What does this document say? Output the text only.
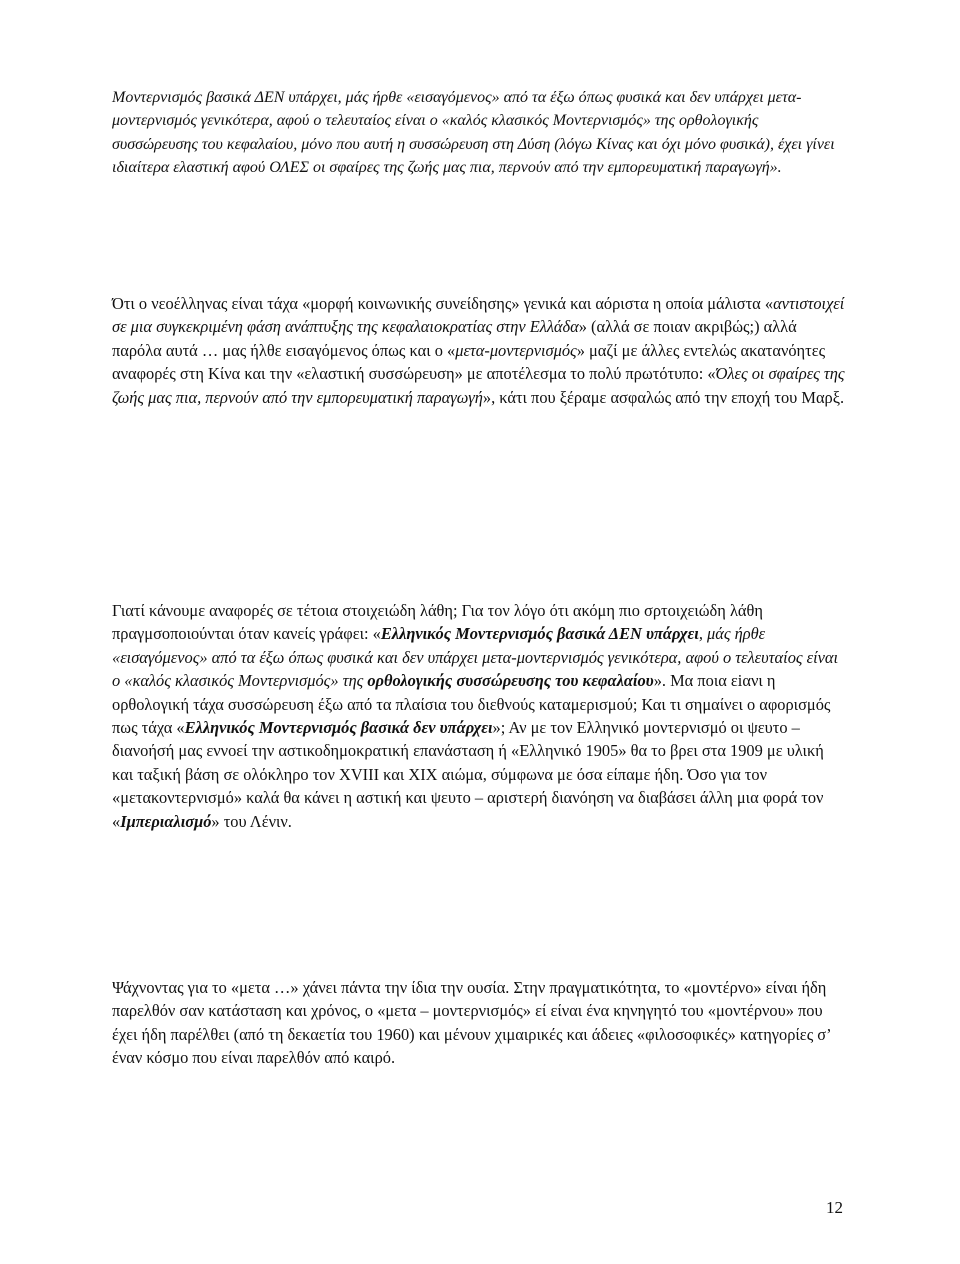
Μοντερνισμός βασικά ΔΕΝ υπάρχει, μάς ήρθε «εισαγόμενος» από τα έξω όπως φυσικά και δεν υπάρχει μετα-μοντερνισμός γενικότερα, αφού ο τελευταίος είναι ο «καλός κλασικός Μοντερνισμός» της ορθολογικής συσσώρευσης του κεφαλαίου, μόνο που αυτή η συσσώρευση στη Δύση (λόγω Κίνας και όχι μόνο φυσικά), έχει γίνει ιδιαίτερα ελαστική αφού ΟΛΕΣ οι σφαίρες της ζωής μας πια, περνούν από την εμπορευματική παραγωγή».

Ότι ο νεοέλληνας είναι τάχα «μορφή κοινωνικής συνείδησης» γενικά και αόριστα η οποία μάλιστα «αντιστοιχεί σε μια συγκεκριμένη φάση ανάπτυξης της κεφαλαιοκρατίας στην Ελλάδα» (αλλά σε ποιαν ακριβώς;) αλλά παρόλα αυτά … μας ήλθε εισαγόμενος όπως και ο «μετα-μοντερνισμός» μαζί με άλλες εντελώς ακατανόητες αναφορές στη Κίνα και την «ελαστική συσσώρευση» με αποτέλεσμα το πολύ πρωτότυπο: «Όλες οι σφαίρες της ζωής μας πια, περνούν από την εμπορευματική παραγωγή», κάτι που ξέραμε ασφαλώς από την εποχή του Μαρξ.

Γιατί κάνουμε αναφορές σε τέτοια στοιχειώδη λάθη; Για τον λόγο ότι ακόμη πιο σρτοιχειώδη λάθη πραγμσοποιούνται όταν κανείς γράφει: «Ελληνικός Μοντερνισμός βασικά ΔΕΝ υπάρχει, μάς ήρθε «εισαγόμενος» από τα έξω όπως φυσικά και δεν υπάρχει μετα-μοντερνισμός γενικότερα, αφού ο τελευταίος είναι ο «καλός κλασικός Μοντερνισμός» της ορθολογικής συσσώρευσης του κεφαλαίου». Μα ποια εiανι η ορθολογική τάχα συσσώρευση έξω από τα πλαίσια του διεθνούς καταμερισμού; Και τι σημαίνει ο αφορισμός πως τάχα «Ελληνικός Μοντερνισμός βασικά δεν υπάρχει»; Αν με τον Ελληνικό μοντερνισμό οι ψευτο – διανοήσή μας εννοεί την αστικοδημοκρατική επανάσταση ή «Ελληνικό 1905» θα το βρει στα 1909 με υλική και ταξική βάση σε ολόκληρο τον ΧVIII και ΧΙΧ αιώμα, σύμφωνα με όσα είπαμε ήδη. Όσο για τον «μετακοντερνισμό» καλά θα κάνει η αστική και ψευτο – αριστερή διανόηση να διαβάσει άλλη μια φορά τον «Ιμπεριαλισμό» του Λένιν.

Ψάχνοντας για το «μετα …» χάνει πάντα την ίδια την ουσία. Στην πραγματικότητα, το «μοντέρνο» είναι ήδη παρελθόν σαν κατάσταση και χρόνος, ο «μετα – μοντερνισμός» εί είναι ένα κηνηγητό του «μοντέρνου» που έχει ήδη παρέλθει (από τη δεκαετία του 1960) και μένουν χιμαιρικές και άδειες «φιλοσοφικές» κατηγορίες σ’ έναν κόσμο που είναι παρελθόν από καιρό.

12
